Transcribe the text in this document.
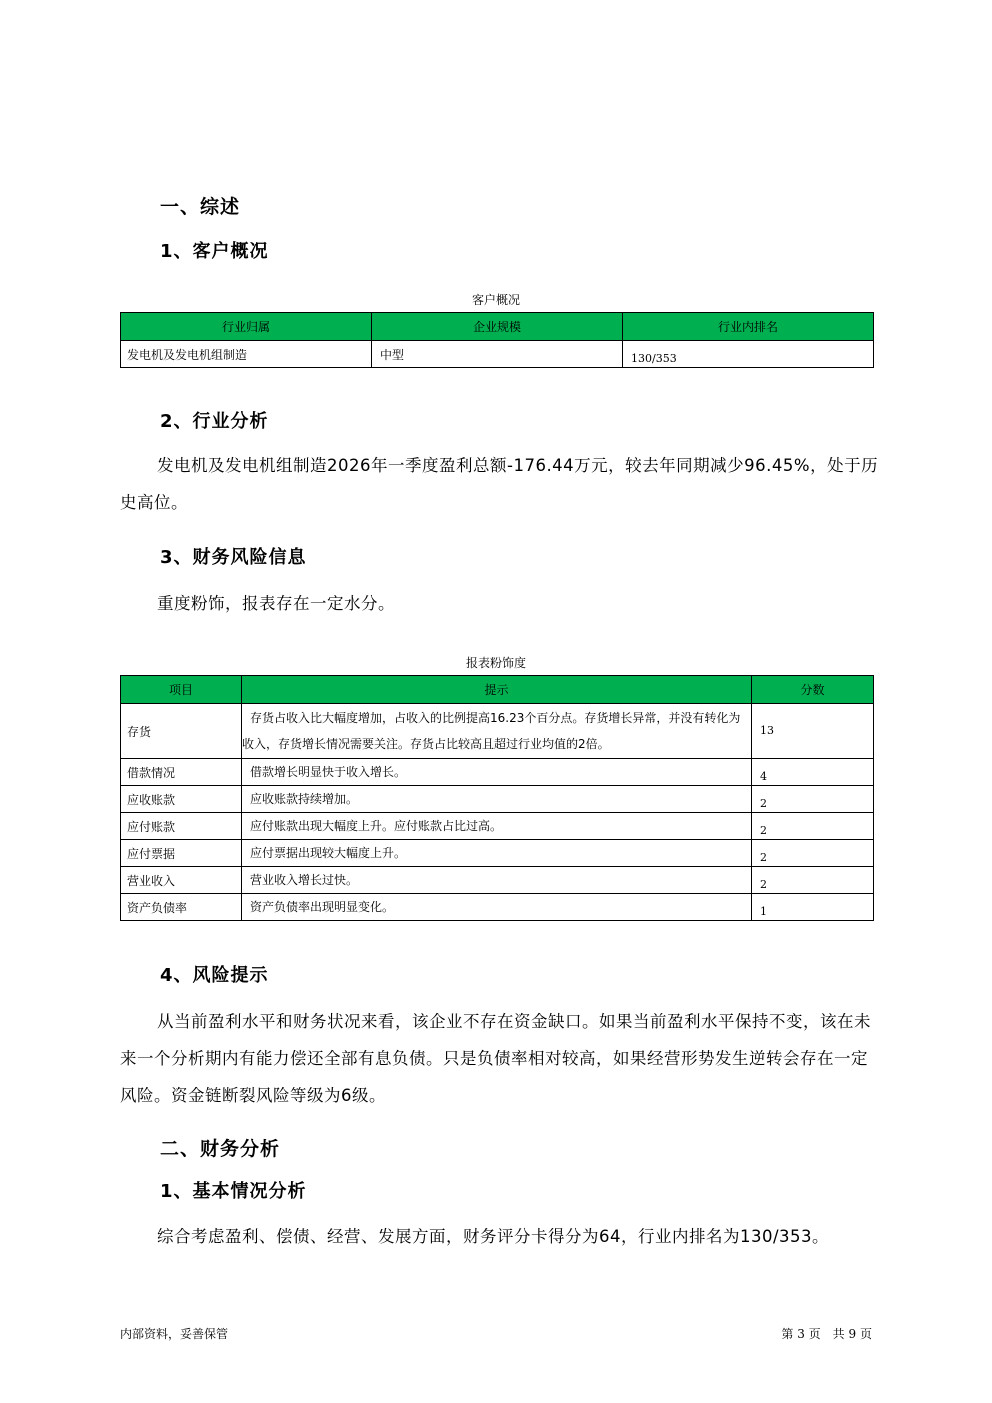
一、综述
1、客户概况
客户概况
行业归属	企业规模	行业内排名
发电机及发电机组制造	中型	130/353
2、行业分析
发电机及发电机组制造2026年一季度盈利总额-176.44万元，较去年同期减少96.45%，处于历史高位。
3、财务风险信息
重度粉饰，报表存在一定水分。
报表粉饰度
项目	提示	分数
存货	存货占收入比大幅度增加，占收入的比例提高16.23个百分点。存货增长异常，并没有转化为收入，存货增长情况需要关注。存货占比较高且超过行业均值的2倍。	13
借款情况	借款增长明显快于收入增长。	4
应收账款	应收账款持续增加。	2
应付账款	应付账款出现大幅度上升。应付账款占比过高。	2
应付票据	应付票据出现较大幅度上升。	2
营业收入	营业收入增长过快。	2
资产负债率	资产负债率出现明显变化。	1
4、风险提示
从当前盈利水平和财务状况来看，该企业不存在资金缺口。如果当前盈利水平保持不变，该在未来一个分析期内有能力偿还全部有息负债。只是负债率相对较高，如果经营形势发生逆转会存在一定风险。资金链断裂风险等级为6级。
二、财务分析
1、基本情况分析
综合考虑盈利、偿债、经营、发展方面，财务评分卡得分为64，行业内排名为130/353。
内部资料，妥善保管	第 3 页　共 9 页
